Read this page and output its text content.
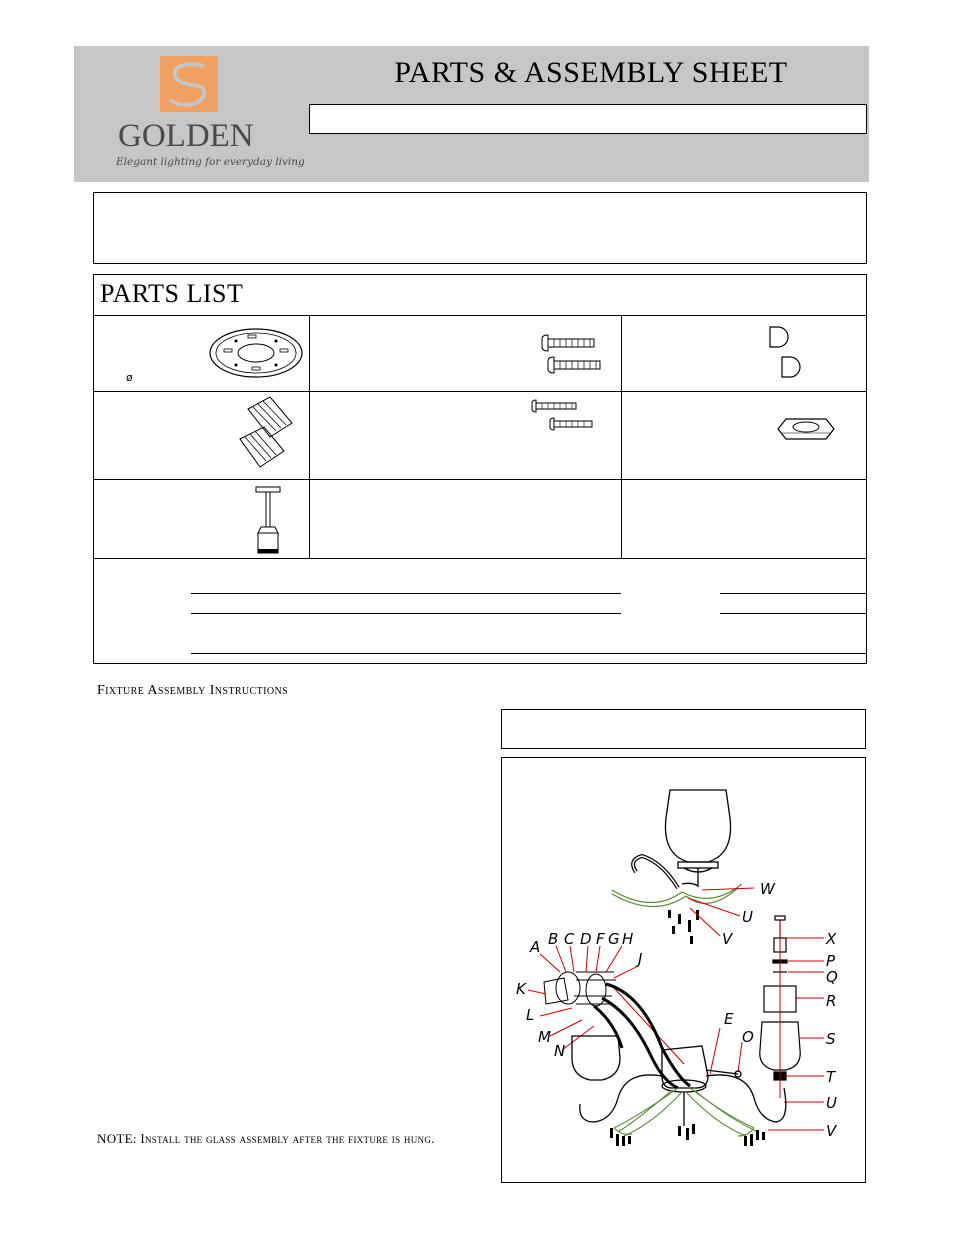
GOLDEN
Elegant lighting for everyday living
PARTS & ASSEMBLY SHEET
PARTS LIST
ø
Fixture Assembly Instructions
W
U
V
A B C D F G H
J
K
L
M
N
E
O
X
P
Q
R
S
T
U
V
NOTE: Install the glass assembly after the fixture is hung.
